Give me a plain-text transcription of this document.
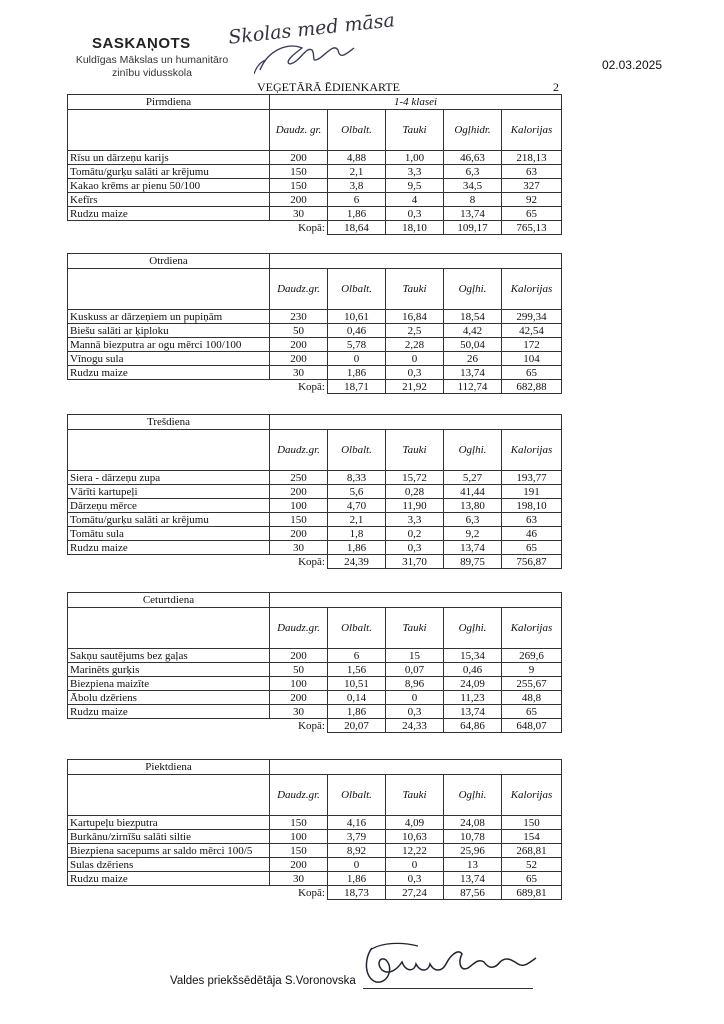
SASKAŅOTS
Kuldīgas Mākslas un humanitāro
zinību vidusskola
Skolas med māsa
02.03.2025
VEĢETĀRĀ ĒDIENKARTE	2
Pirmdiena	1-4 klasei				
	Daudz. gr.	Olbalt.	Tauki	Ogļhidr.	Kalorijas
Rīsu un dārzeņu karijs	200	4,88	1,00	46,63	218,13
Tomātu/gurķu salāti ar krējumu	150	2,1	3,3	6,3	63
Kakao krēms ar pienu 50/100	150	3,8	9,5	34,5	327
Kefīrs	200	6	4	8	92
Rudzu maize	30	1,86	0,3	13,74	65
Kopā:		18,64	18,10	109,17	765,13
Otrdiena					
	Daudz.gr.	Olbalt.	Tauki	Ogļhi.	Kalorijas
Kuskuss ar dārzeņiem un pupiņām	230	10,61	16,84	18,54	299,34
Biešu salāti ar ķiploku	50	0,46	2,5	4,42	42,54
Mannā biezputra ar ogu mērci 100/100	200	5,78	2,28	50,04	172
Vīnogu sula	200	0	0	26	104
Rudzu maize	30	1,86	0,3	13,74	65
Kopā:		18,71	21,92	112,74	682,88
Trešdiena					
	Daudz.gr.	Olbalt.	Tauki	Ogļhi.	Kalorijas
Siera - dārzeņu zupa	250	8,33	15,72	5,27	193,77
Vārīti kartupeļi	200	5,6	0,28	41,44	191
Dārzeņu mērce	100	4,70	11,90	13,80	198,10
Tomātu/gurķu salāti ar krējumu	150	2,1	3,3	6,3	63
Tomātu sula	200	1,8	0,2	9,2	46
Rudzu maize	30	1,86	0,3	13,74	65
Kopā:		24,39	31,70	89,75	756,87
Ceturtdiena					
	Daudz.gr.	Olbalt.	Tauki	Ogļhi.	Kalorijas
Sakņu sautējums bez gaļas	200	6	15	15,34	269,6
Marinēts gurķis	50	1,56	0,07	0,46	9
Biezpiena maizīte	100	10,51	8,96	24,09	255,67
Ābolu dzēriens	200	0,14	0	11,23	48,8
Rudzu maize	30	1,86	0,3	13,74	65
Kopā:		20,07	24,33	64,86	648,07
Piektdiena					
	Daudz.gr.	Olbalt.	Tauki	Ogļhi.	Kalorijas
Kartupeļu biezputra	150	4,16	4,09	24,08	150
Burkānu/zirnīšu salāti siltie	100	3,79	10,63	10,78	154
Biezpiena sacepums ar saldo mērci 100/5	150	8,92	12,22	25,96	268,81
Sulas dzēriens	200	0	0	13	52
Rudzu maize	30	1,86	0,3	13,74	65
Kopā:		18,73	27,24	87,56	689,81
Valdes priekšsēdētāja S.Voronovska
